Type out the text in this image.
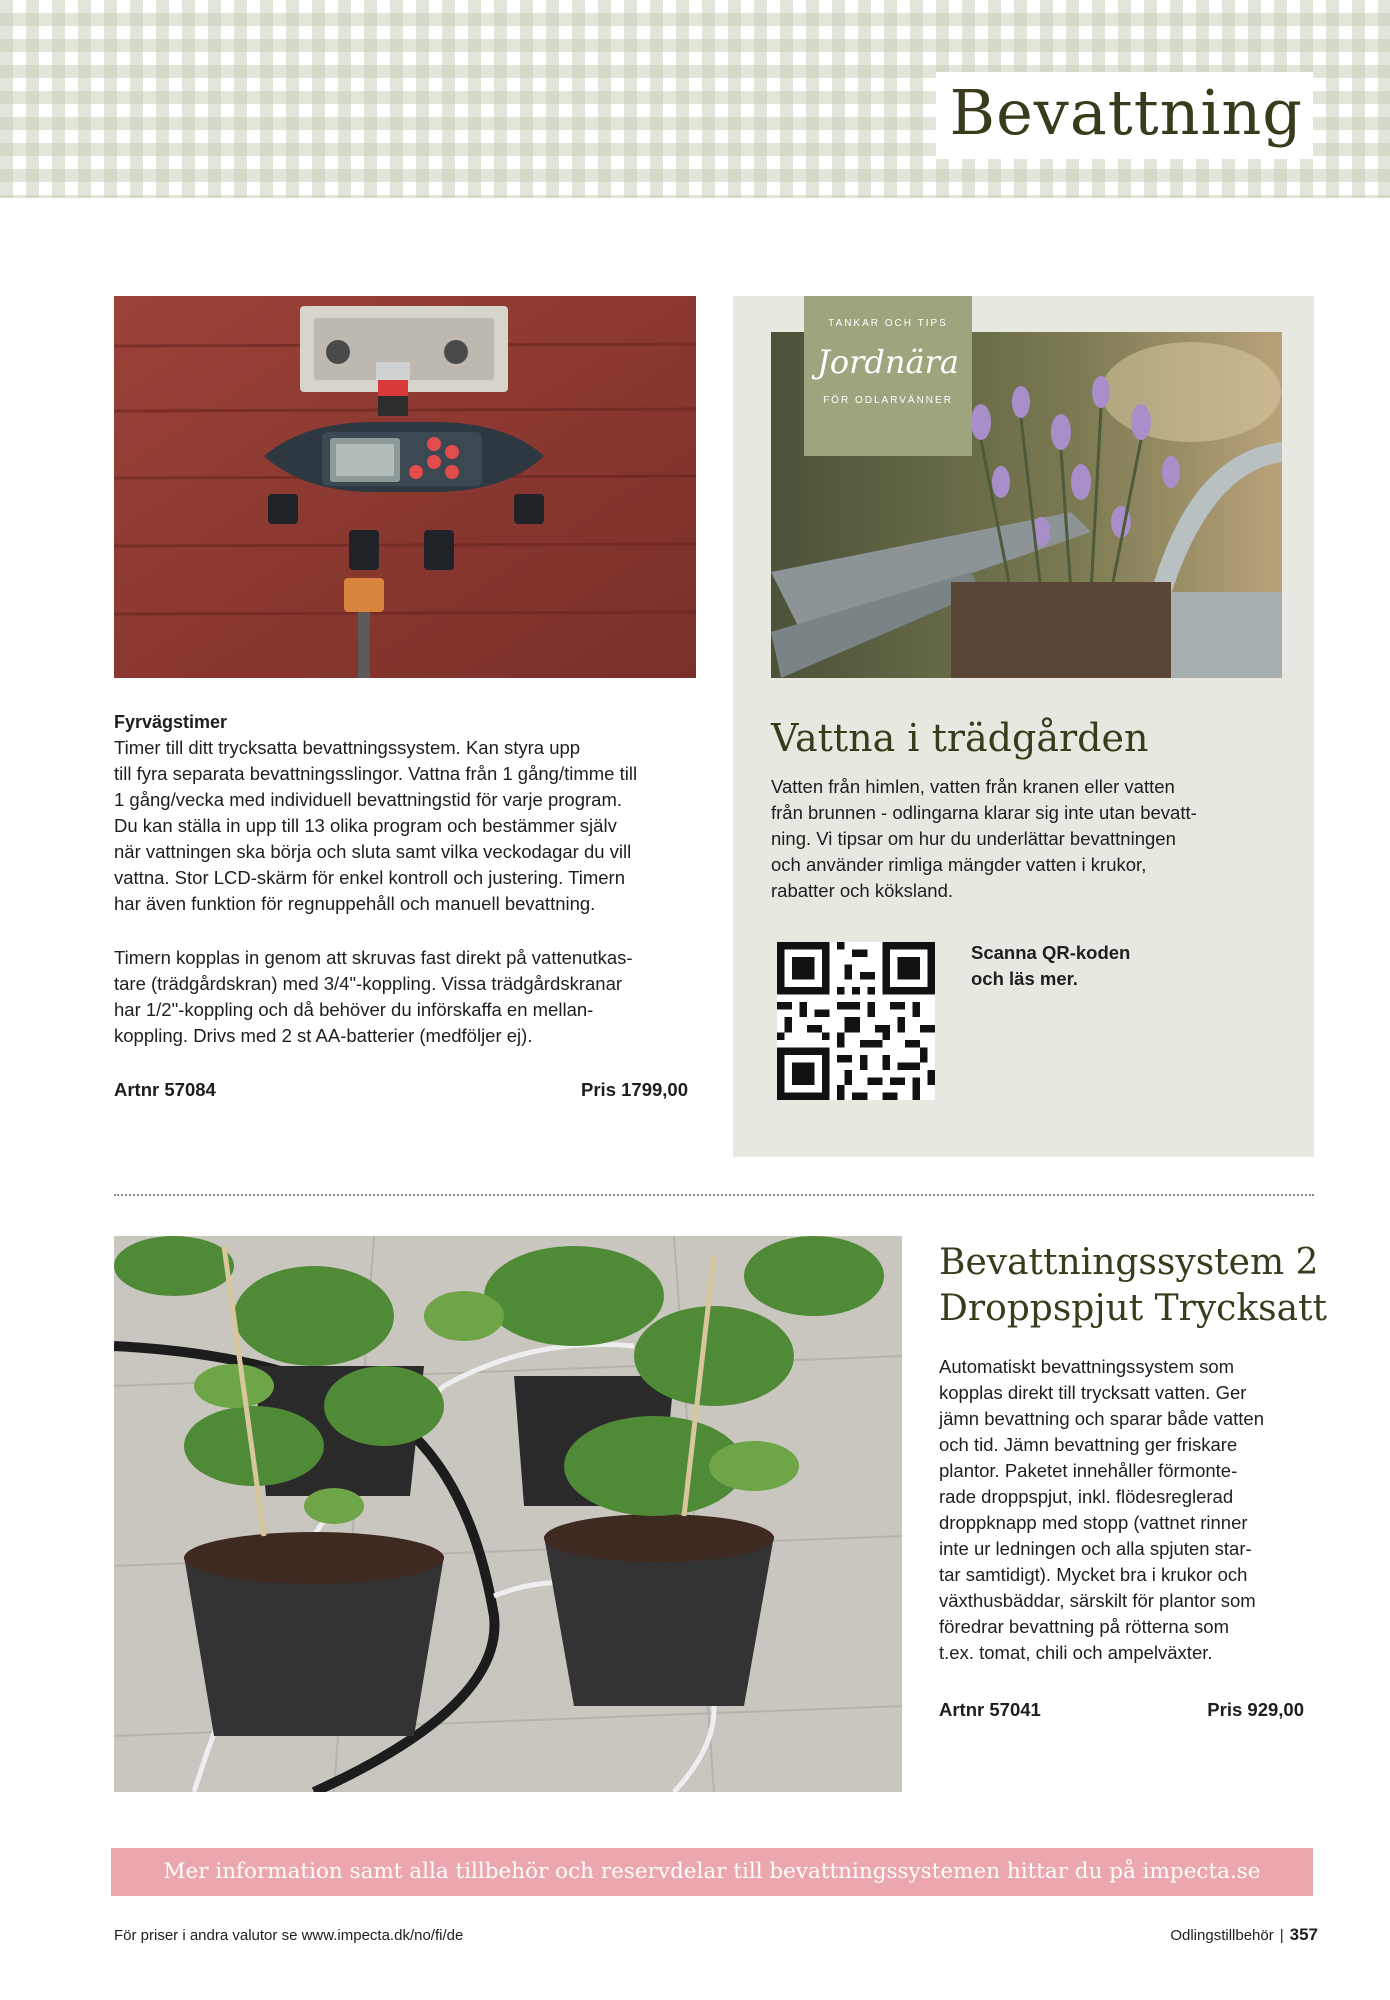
Bevattning
Fyrvägstimer
Timer till ditt trycksatta bevattningssystem. Kan styra upp
till fyra separata bevattningsslingor. Vattna från 1 gång/timme till
1 gång/vecka med individuell bevattningstid för varje program.
Du kan ställa in upp till 13 olika program och bestämmer själv
när vattningen ska börja och sluta samt vilka veckodagar du vill
vattna. Stor LCD-skärm för enkel kontroll och justering. Timern
har även funktion för regnuppehåll och manuell bevattning.
Timern kopplas in genom att skruvas fast direkt på vattenutkas-
tare (trädgårdskran) med 3/4"-koppling. Vissa trädgårdskranar
har 1/2"-koppling och då behöver du införskaffa en mellan-
koppling. Drivs med 2 st AA-batterier (medföljer ej).
Artnr 57084	Pris 1799,00
TANKAR OCH TIPS
Jordnära
FÖR ODLARVÄNNER
Vattna i trädgården
Vatten från himlen, vatten från kranen eller vatten
från brunnen - odlingarna klarar sig inte utan bevatt-
ning. Vi tipsar om hur du underlättar bevattningen
och använder rimliga mängder vatten i krukor,
rabatter och köksland.
Scanna QR-koden
och läs mer.
Bevattningssystem 2
Droppspjut Trycksatt
Automatiskt bevattningssystem som
kopplas direkt till trycksatt vatten. Ger
jämn bevattning och sparar både vatten
och tid. Jämn bevattning ger friskare
plantor. Paketet innehåller förmonte-
rade droppspjut, inkl. flödesreglerad
droppknapp med stopp (vattnet rinner
inte ur ledningen och alla spjuten star-
tar samtidigt). Mycket bra i krukor och
växthusbäddar, särskilt för plantor som
föredrar bevattning på rötterna som
t.ex. tomat, chili och ampelväxter.
Artnr 57041	Pris 929,00
Mer information samt alla tillbehör och reservdelar till bevattningssystemen hittar du på impecta.se
För priser i andra valutor se www.impecta.dk/no/fi/de	Odlingstillbehör | 357
